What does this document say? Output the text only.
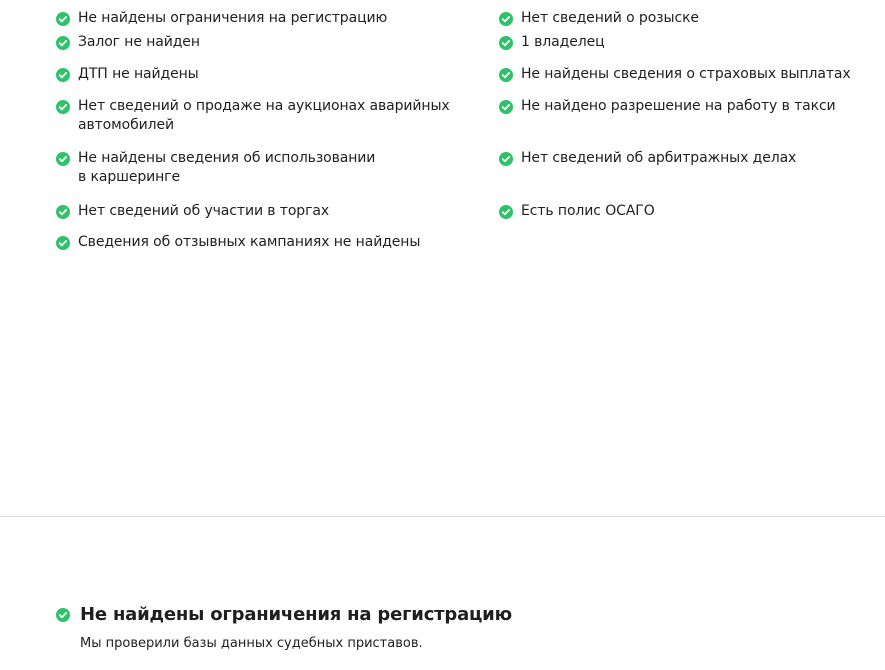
Не найдены ограничения на регистрацию	Нет сведений о розыске
Залог не найден	1 владелец
ДТП не найдены	Не найдены сведения о страховых выплатах
Нет сведений о продаже на аукционах аварийных
автомобилей
Не найдено разрешение на работу в такси
Не найдены сведения об использовании
в каршеринге
Нет сведений об арбитражных делах
Нет сведений об участии в торгах	Есть полис ОСАГО
Сведения об отзывных кампаниях не найдены
Не найдены ограничения на регистрацию

Мы проверили базы данных судебных приставов.
